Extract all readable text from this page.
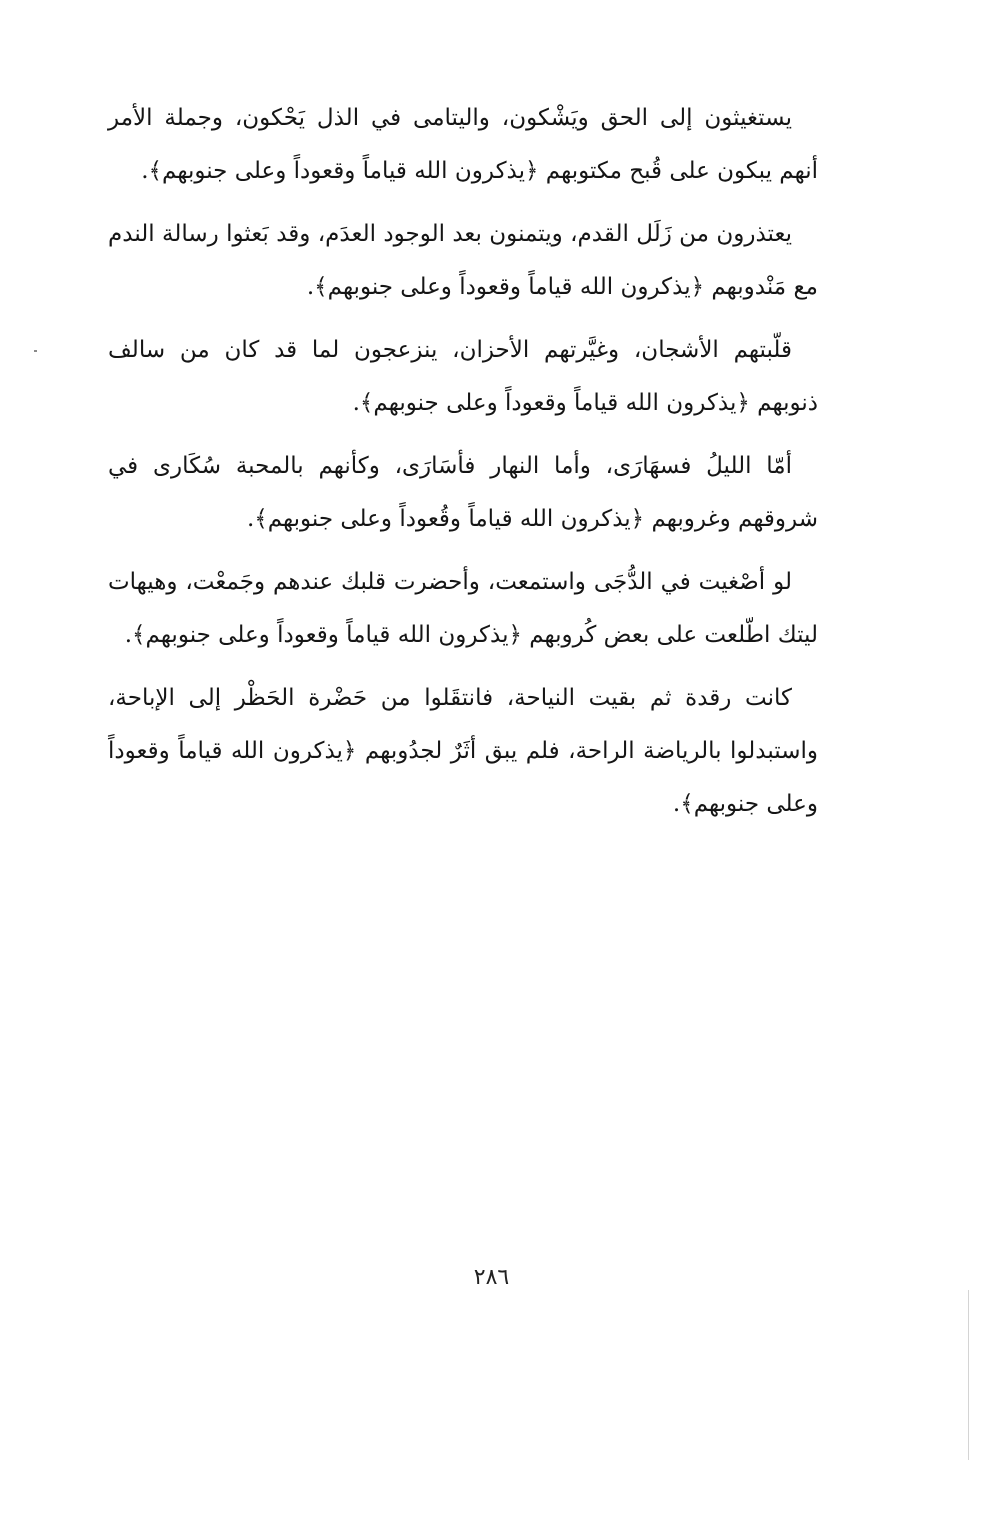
يستغيثون إلى الحق ويَشْكون، واليتامى في الذل يَحْكون، وجملة الأمر أنهم يبكون على قُبح مكتوبهم ﴿يذكرون الله قياماً وقعوداً وعلى جنوبهم﴾.

يعتذرون من زَلَل القدم، ويتمنون بعد الوجود العدَم، وقد بَعثوا رسالة الندم مع مَنْدوبهم ﴿يذكرون الله قياماً وقعوداً وعلى جنوبهم﴾.

قلّبتهم الأشجان، وغيَّرتهم الأحزان، ينزعجون لما قد كان من سالف ذنوبهم ﴿يذكرون الله قياماً وقعوداً وعلى جنوبهم﴾.

أمّا الليلُ فسهَارَى، وأما النهار فأسَارَى، وكأنهم بالمحبة سُكَارى في شروقهم وغروبهم ﴿يذكرون الله قياماً وقُعوداً وعلى جنوبهم﴾.

لو أصْغيت في الدُّجَى واستمعت، وأحضرت قلبك عندهم وجَمعْت، وهيهات ليتك اطّلعت على بعض كُروبهم ﴿يذكرون الله قياماً وقعوداً وعلى جنوبهم﴾.

كانت رقدة ثم بقيت النياحة، فانتقَلوا من حَضْرة الحَظْر إلى الإباحة، واستبدلوا بالرياضة الراحة، فلم يبق أثَرٌ لجدُوبهم ﴿يذكرون الله قياماً وقعوداً وعلى جنوبهم﴾.

٢٨٦
